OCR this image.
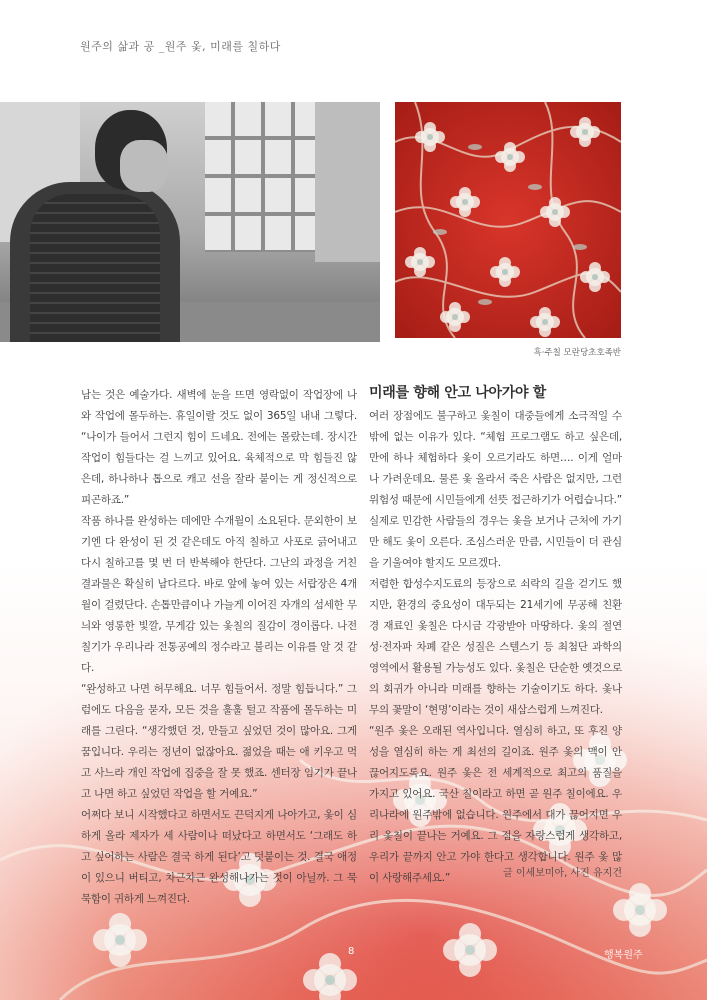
원주의 삶과 공 _원주 옻, 미래를 칠하다
흑·주칠 모란당초호족반

남는 것은 예술가다. 새벽에 눈을 뜨면 영락없이 작업장에 나와 작업에 몰두하는. 휴일이랄 것도 없이 365일 내내 그렇다. “나이가 들어서 그런지 힘이 드네요. 전에는 몰랐는데. 장시간 작업이 힘들다는 걸 느끼고 있어요. 육체적으로 막 힘들진 않은데, 하나하나 톱으로 캐고 선을 잘라 붙이는 게 정신적으로 피곤하죠.”

작품 하나를 완성하는 데에만 수개월이 소요된다. 문외한이 보기엔 다 완성이 된 것 같은데도 아직 칠하고 사포로 긁어내고 다시 칠하고를 몇 번 더 반복해야 한단다. 그난의 과정을 거친 결과물은 확실히 남다르다. 바로 앞에 놓여 있는 서랍장은 4개월이 걸렸단다. 손톱만큼이나 가늘게 이어진 자개의 섬세한 무늬와 영롱한 빛깔, 무게감 있는 옻칠의 질감이 경이롭다. 나전칠기가 우리나라 전통공예의 정수라고 불리는 이유를 알 것 같다.

“완성하고 나면 허무해요. 너무 힘들어서. 정말 힘듭니다.” 그럼에도 다음을 묻자, 모든 것을 훌훌 털고 작품에 몰두하는 미래를 그린다. “생각했던 것, 만들고 싶었던 것이 많아요. 그게 꿈입니다. 우리는 정년이 없잖아요. 젊었을 때는 애 키우고 먹고 사느라 개인 작업에 집중을 잘 못 했죠. 센터장 임기가 끝나고 나면 하고 싶었던 작업을 할 거예요.”

어쩌다 보니 시작했다고 하면서도 끈덕지게 나아가고, 옻이 심하게 올라 제자가 세 사람이나 떠났다고 하면서도 ‘그래도 하고 싶어하는 사람은 결국 하게 된다’고 덧붙이는 것. 결국 애정이 있으니 버티고, 차근차근 완성해나가는 것이 아닐까. 그 묵묵함이 귀하게 느껴진다.

미래를 향해 안고 나아가야 할

여러 장점에도 불구하고 옻칠이 대중들에게 소극적일 수밖에 없는 이유가 있다. “체험 프로그램도 하고 싶은데, 만에 하나 체험하다 옻이 오르기라도 하면…. 이게 얼마나 가려운데요. 물론 옻 올라서 죽은 사람은 없지만, 그런 위험성 때문에 시민들에게 선뜻 접근하기가 어렵습니다.” 실제로 민감한 사람들의 경우는 옻을 보거나 근처에 가기만 해도 옻이 오른다. 조심스러운 만큼, 시민들이 더 관심을 기울여야 할지도 모르겠다.

저렴한 합성수지도료의 등장으로 쇠락의 길을 걷기도 했지만, 환경의 중요성이 대두되는 21세기에 무공해 친환경 재료인 옻칠은 다시금 각광받아 마땅하다. 옻의 절연성·전자파 차폐 같은 성질은 스텔스기 등 최첨단 과학의 영역에서 활용될 가능성도 있다. 옻칠은 단순한 옛것으로의 회귀가 아니라 미래를 향하는 기술이기도 하다. 옻나무의 꽃말이 ‘현명’이라는 것이 새삼스럽게 느껴진다.

“원주 옻은 오래된 역사입니다. 열심히 하고, 또 후진 양성을 열심히 하는 게 최선의 길이죠. 원주 옻의 맥이 안 끊어지도록요. 원주 옻은 전 세계적으로 최고의 품질을 가지고 있어요. 국산 칠이라고 하면 곧 원주 칠이에요. 우리나라에 원주밖에 없습니다. 원주에서 대가 끊어지면 우리 옻칠이 끝나는 거예요. 그 점을 자랑스럽게 생각하고, 우리가 끝까지 안고 가야 한다고 생각합니다. 원주 옻 많이 사랑해주세요.”	글 이세보미아, 사진 유지건
8	행복원주
